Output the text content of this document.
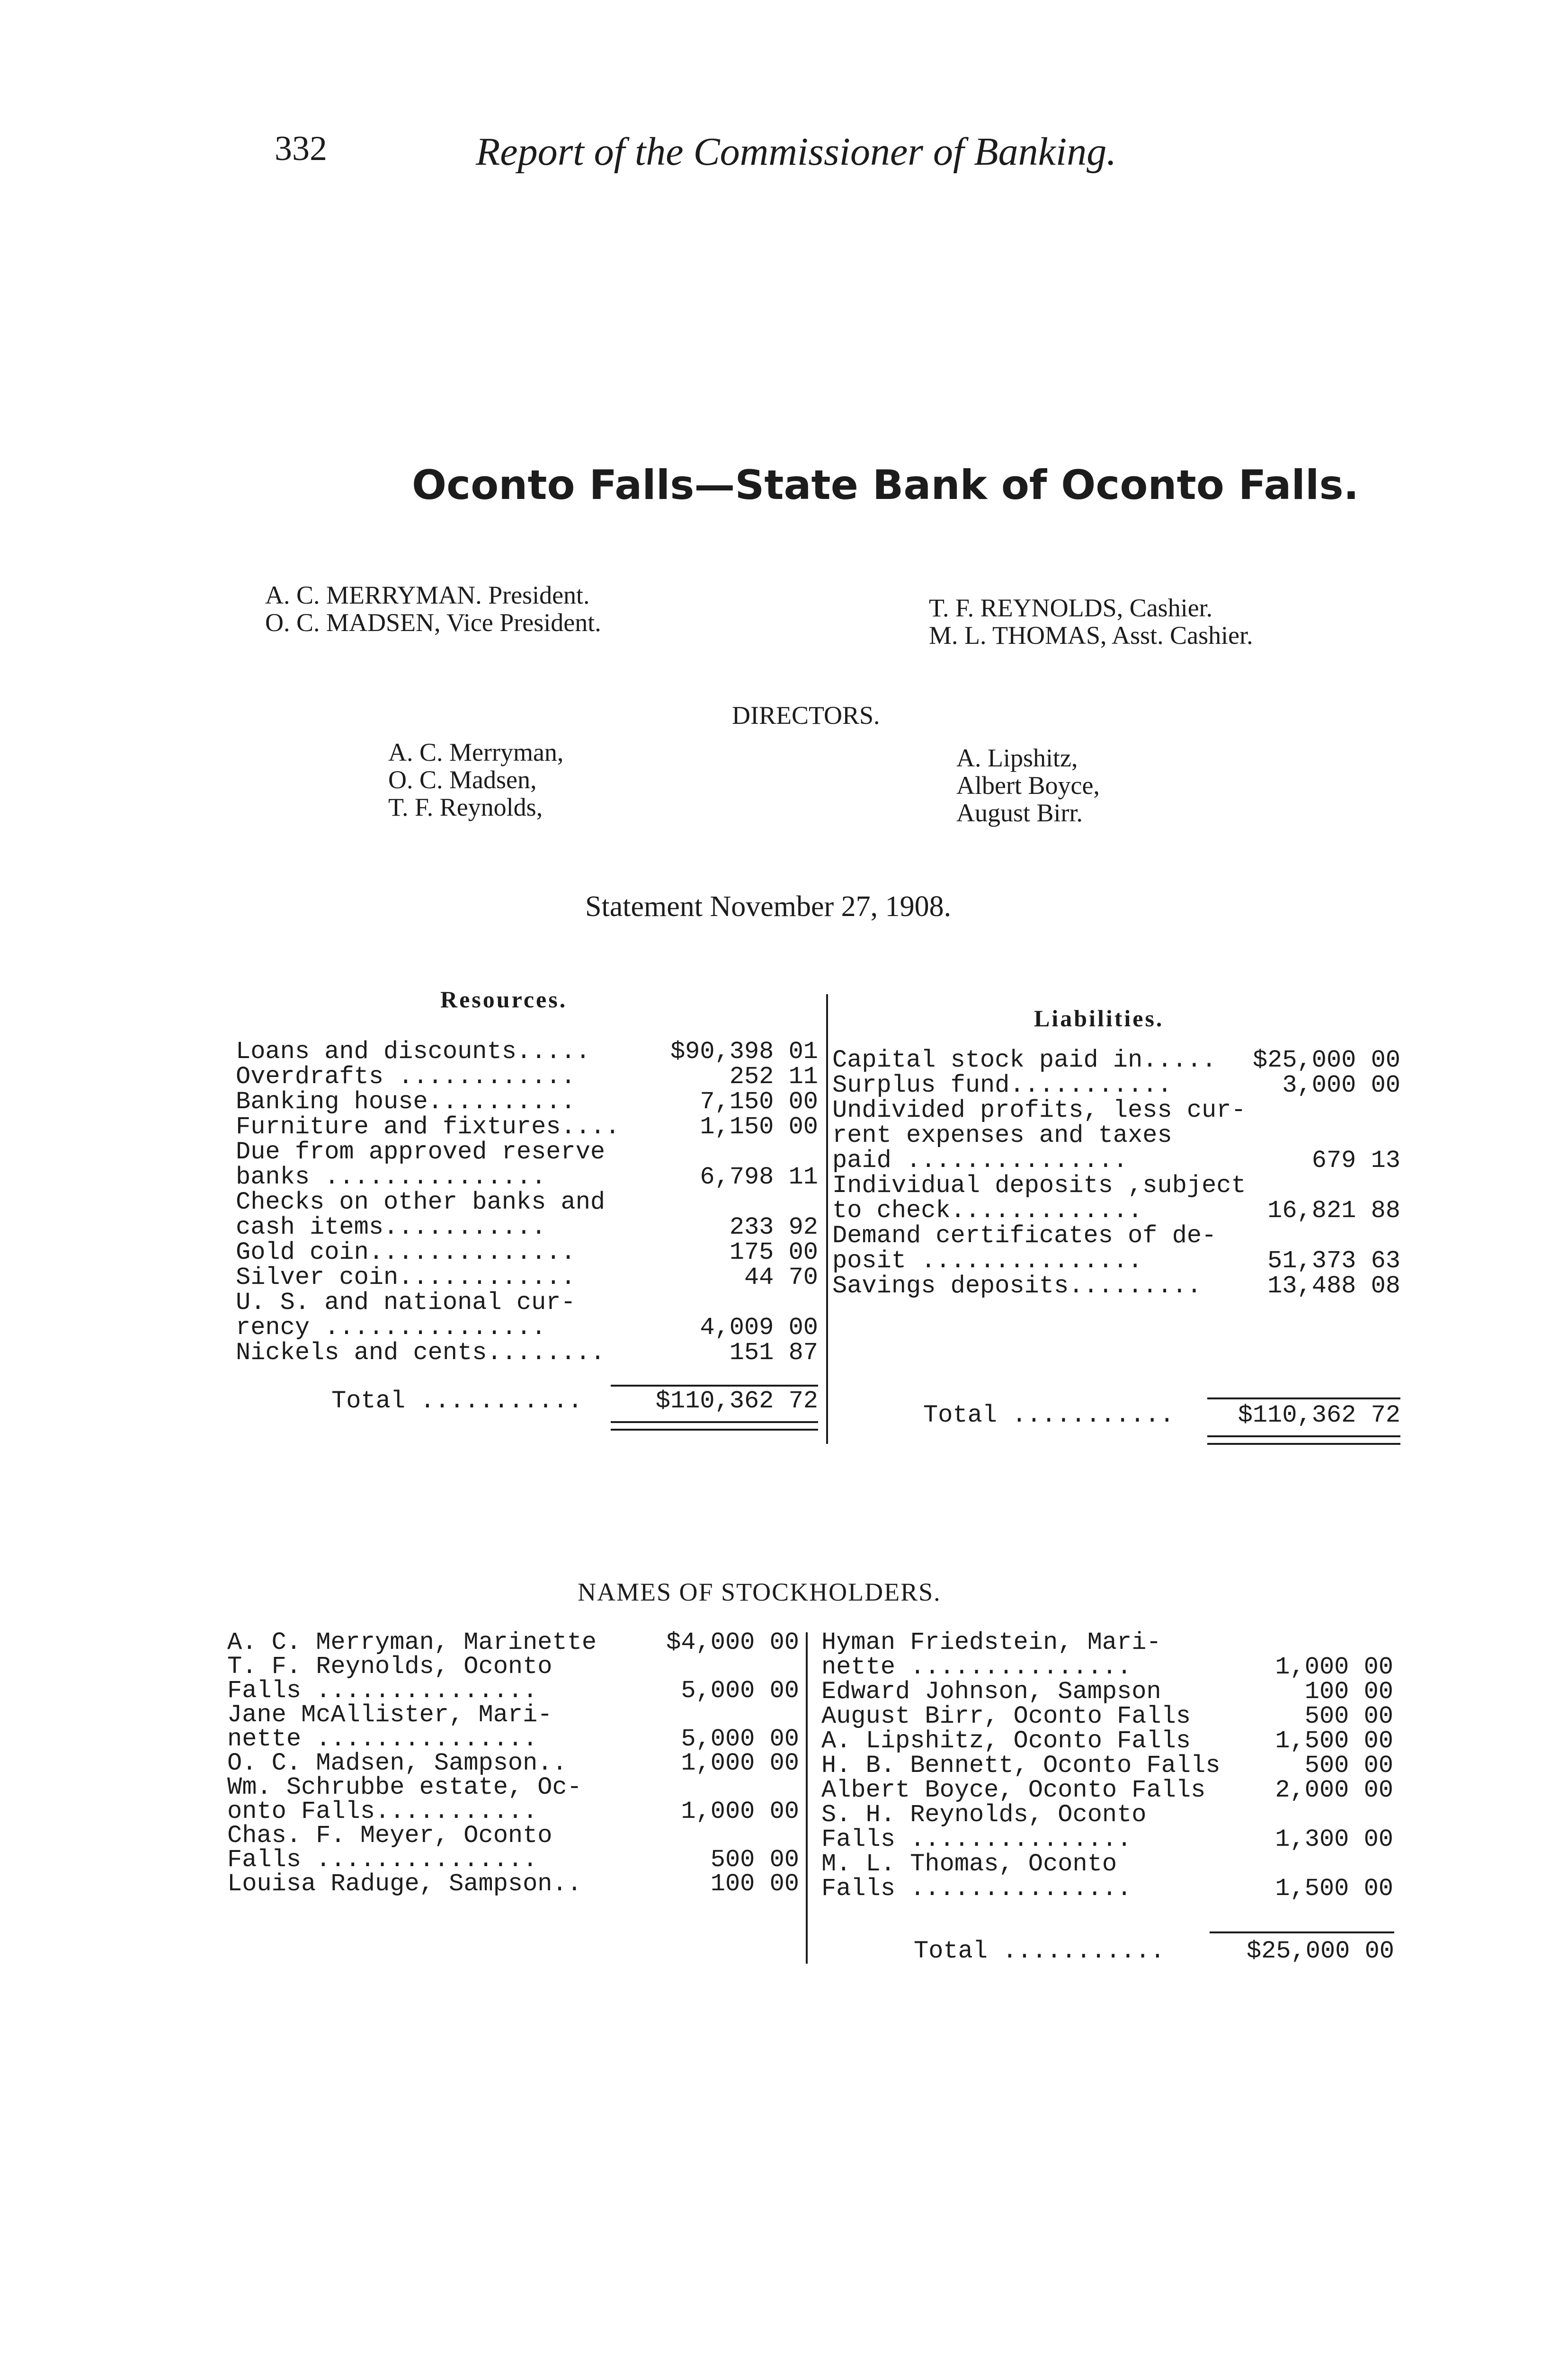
332	Report of the Commissioner of Banking.
Oconto Falls—State Bank of Oconto Falls.
A. C. MERRYMAN. President.
O. C. MADSEN, Vice President.
T. F. REYNOLDS, Cashier.
M. L. THOMAS, Asst. Cashier.
DIRECTORS.
A. C. Merryman,
O. C. Madsen,
T. F. Reynolds,
A. Lipshitz,
Albert Boyce,
August Birr.
Statement November 27, 1908.
Resources.
Liabilities.
Loans and discounts.....	$90,398 01
Overdrafts ............	252 11
Banking house..........	7,150 00
Furniture and fixtures....	1,150 00
Due from approved reserve
banks ...............	6,798 11
Checks on other banks and
cash items...........	233 92
Gold coin..............	175 00
Silver coin............	44 70
U. S. and national cur-
rency ...............	4,009 00
Nickels and cents........	151 87
Capital stock paid in..... $25,000 00
Surplus fund...........	3,000 00
Undivided profits, less cur-
rent expenses and taxes
paid ...............	679 13
Individual deposits ,subject
to check.............	16,821 88
Demand certificates of de-
posit ...............	51,373 63
Savings deposits.........	13,488 08
Total ...........	$110,362 72
Total ...........	$110,362 72
NAMES OF STOCKHOLDERS.
A. C. Merryman, Marinette	$4,000 00
T. F. Reynolds, Oconto
Falls ...............	5,000 00
Jane McAllister, Mari-
nette ...............	5,000 00
O. C. Madsen, Sampson..	1,000 00
Wm. Schrubbe estate, Oc-
onto Falls...........	1,000 00
Chas. F. Meyer, Oconto
Falls ...............	500 00
Louisa Raduge, Sampson..	100 00
Hyman Friedstein, Mari-
nette ...............	1,000 00
Edward Johnson, Sampson	100 00
August Birr, Oconto Falls	500 00
A. Lipshitz, Oconto Falls	1,500 00
H. B. Bennett, Oconto Falls	500 00
Albert Boyce, Oconto Falls	2,000 00
S. H. Reynolds, Oconto
Falls ...............	1,300 00
M. L. Thomas, Oconto
Falls ...............	1,500 00
Total ...........	$25,000 00
